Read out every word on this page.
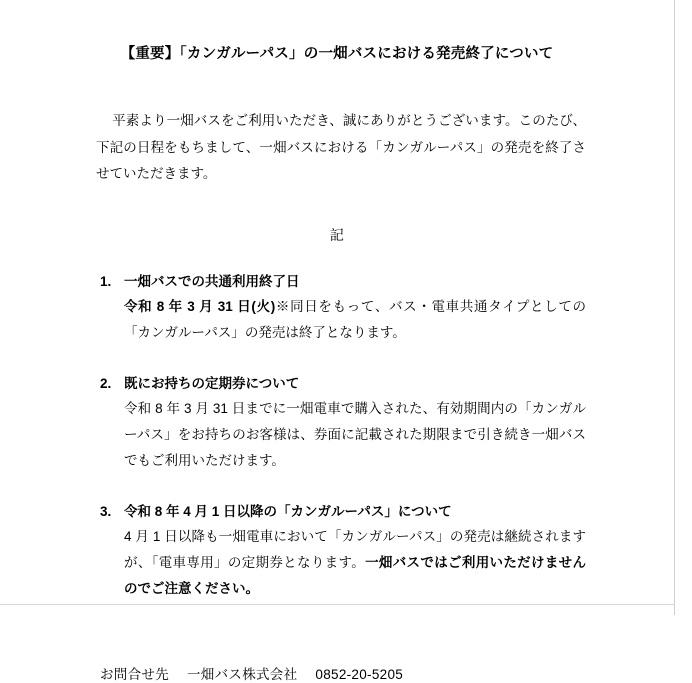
【重要】「カンガルーパス」の一畑バスにおける発売終了について
平素より一畑バスをご利用いただき、誠にありがとうございます。このたび、下記の日程をもちまして、一畑バスにおける「カンガルーパス」の発売を終了させていただきます。
記
1. 一畑バスでの共通利用終了日
令和 8 年 3 月 31 日(火)※同日をもって、バス・電車共通タイプとしての「カンガルーパス」の発売は終了となります。
2. 既にお持ちの定期券について
令和 8 年 3 月 31 日までに一畑電車で購入された、有効期間内の「カンガルーパス」をお持ちのお客様は、券面に記載された期限まで引き続き一畑バスでもご利用いただけます。
3. 令和 8 年 4 月 1 日以降の「カンガルーパス」について
4 月 1 日以降も一畑電車において「カンガルーパス」の発売は継続されますが、「電車専用」の定期券となります。一畑バスではご利用いただけませんのでご注意ください。
お問合せ先 一畑バス株式会社 0852-20-5205
